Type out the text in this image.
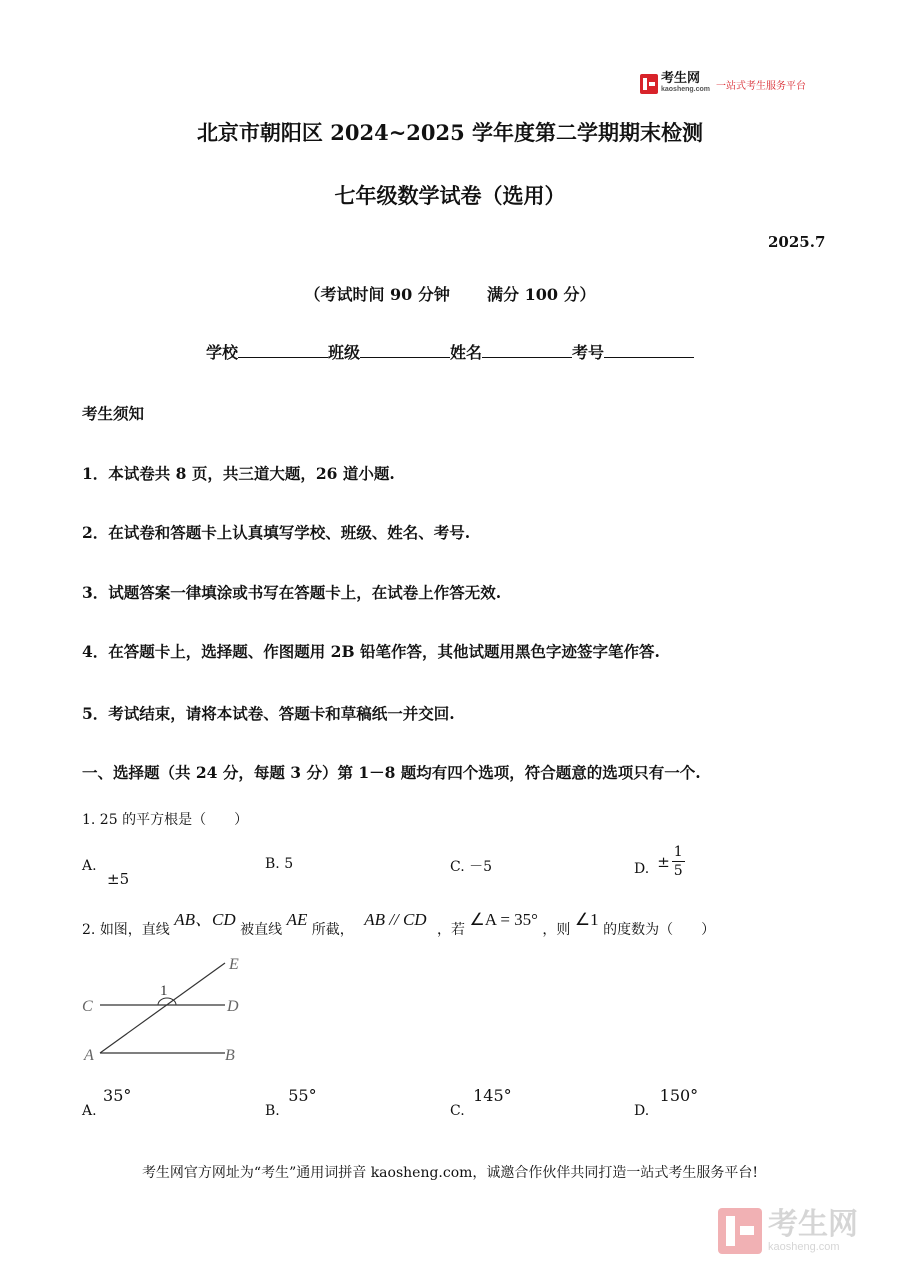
考生网
kaosheng.com 一站式考生服务平台
北京市朝阳区 2024~2025 学年度第二学期期末检测
七年级数学试卷（选用）
2025.7
（考试时间 90 分钟 满分 100 分）
学校	班级	姓名	考号
考生须知
1．本试卷共 8 页，共三道大题，26 道小题.
2．在试卷和答题卡上认真填写学校、班级、姓名、考号.
3．试题答案一律填涂或书写在答题卡上，在试卷上作答无效.
4．在答题卡上，选择题、作图题用 2B 铅笔作答，其他试题用黑色字迹签字笔作答.
5．考试结束，请将本试卷、答题卡和草稿纸一并交回.
一、选择题（共 24 分，每题 3 分）第 1－8 题均有四个选项，符合题意的选项只有一个.
1. 25 的平方根是（　　）
A. ±5
B. 5	C. －5	D. ± $\frac{1}{5}$
2. 如图，直线 AB、CD 被直线 AE 所截， AB // CD ，若 ∠A = 35° ，则 ∠1 的度数为（　　）
E
C	D
A	B
1
A. 35°
B. 55°
C. 145°
D. 150°
考生网官方网址为“考生”通用词拼音 kaosheng.com，诚邀合作伙伴共同打造一站式考生服务平台!
考生网
kaosheng.com
